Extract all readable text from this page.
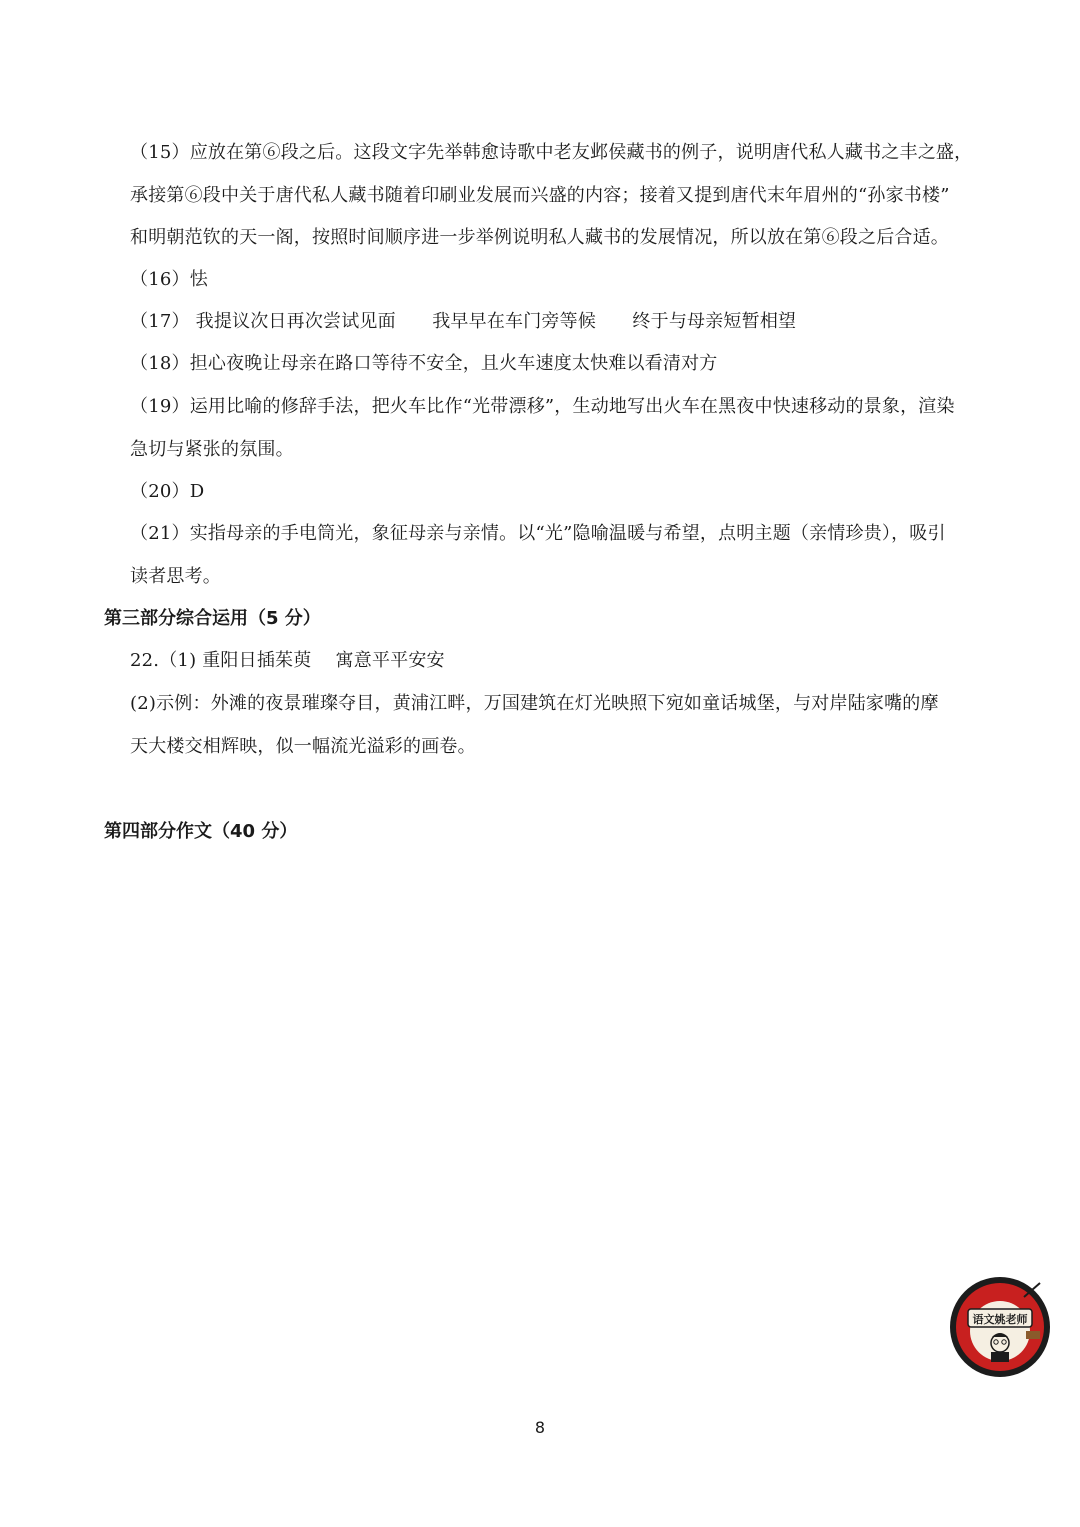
（15）应放在第⑥段之后。这段文字先举韩愈诗歌中老友邺侯藏书的例子，说明唐代私人藏书之丰之盛，
承接第⑥段中关于唐代私人藏书随着印刷业发展而兴盛的内容；接着又提到唐代末年眉州的“孙家书楼”
和明朝范钦的天一阁，按照时间顺序进一步举例说明私人藏书的发展情况，所以放在第⑥段之后合适。
（16）怯
（17） 我提议次日再次尝试见面　　我早早在车门旁等候　　终于与母亲短暂相望
（18）担心夜晚让母亲在路口等待不安全，且火车速度太快难以看清对方
（19）运用比喻的修辞手法，把火车比作“光带漂移”，生动地写出火车在黑夜中快速移动的景象，渲染
急切与紧张的氛围。
（20）D
（21）实指母亲的手电筒光，象征母亲与亲情。以“光”隐喻温暖与希望，点明主题（亲情珍贵），吸引
读者思考。
第三部分综合运用（5 分）
22.（1) 重阳日插茱萸　 寓意平平安安
(2)示例：外滩的夜景璀璨夺目，黄浦江畔，万国建筑在灯光映照下宛如童话城堡，与对岸陆家嘴的摩
天大楼交相辉映，似一幅流光溢彩的画卷。
第四部分作文（40 分）
语文姚老师
8
